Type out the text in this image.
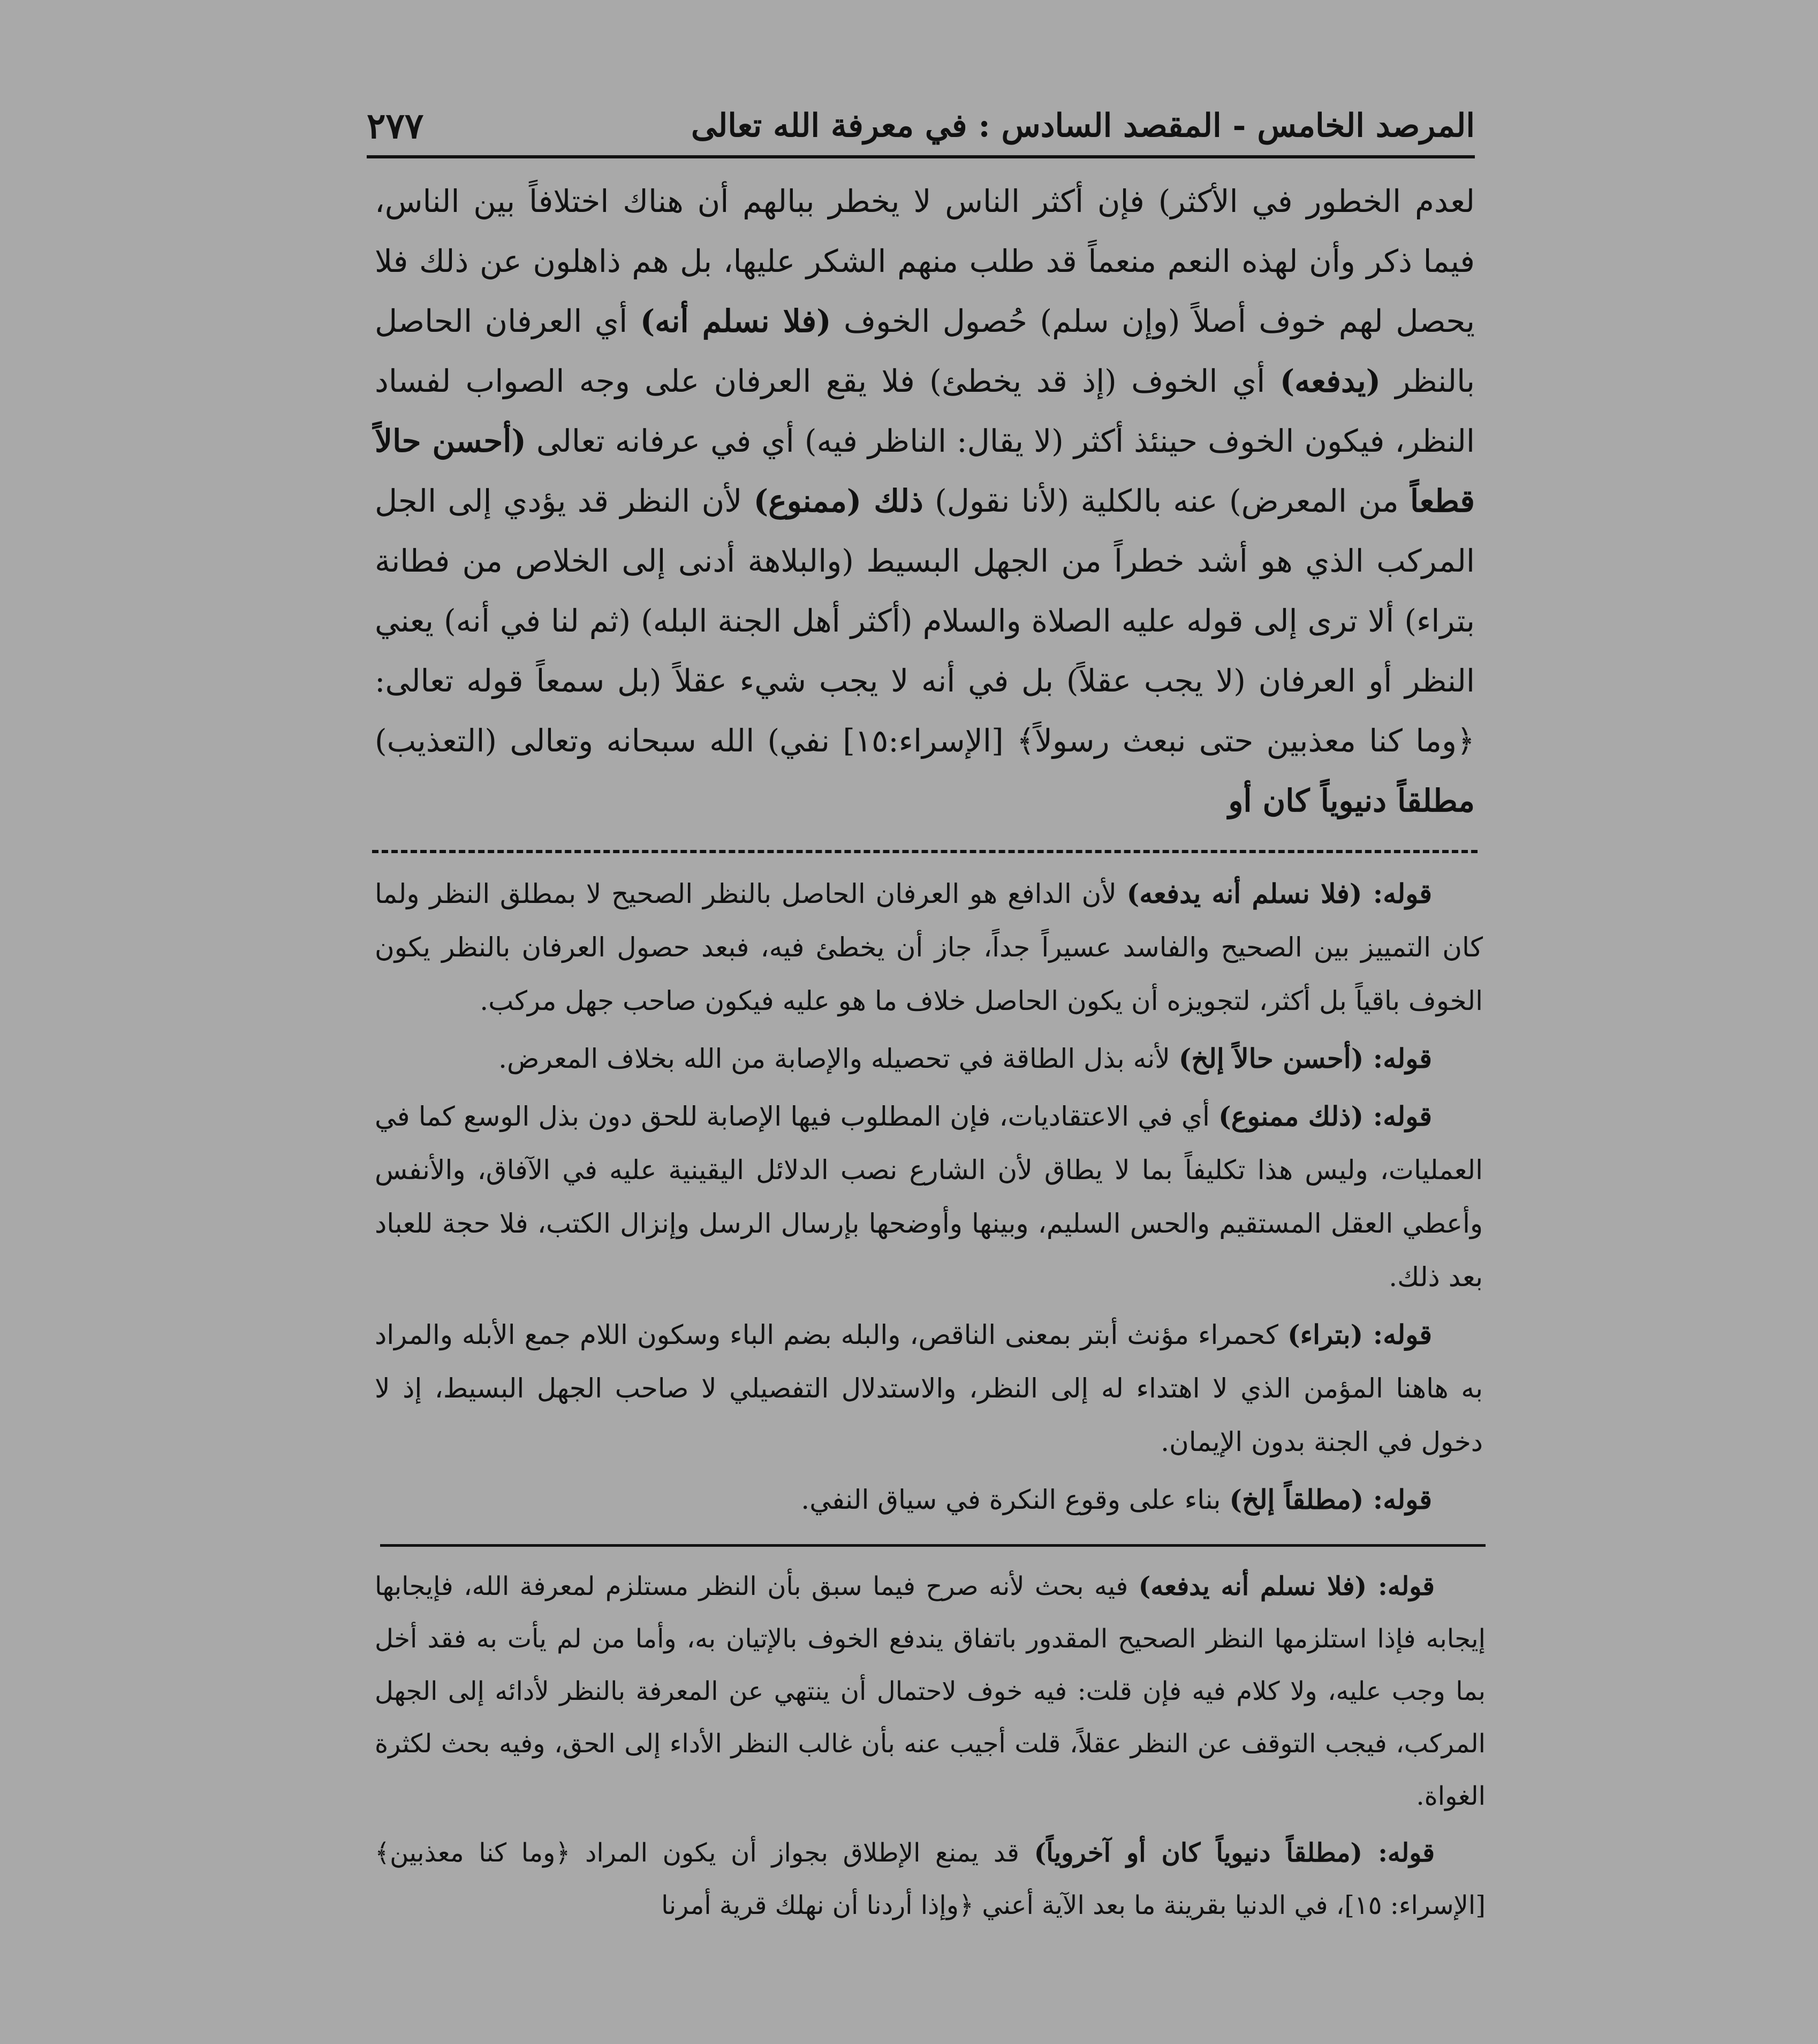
المرصد الخامس - المقصد السادس : في معرفة الله تعالى
٢٧٧

لعدم الخطور في الأكثر) فإن أكثر الناس لا يخطر ببالهم أن هناك اختلافاً بين الناس، فيما ذكر وأن لهذه النعم منعماً قد طلب منهم الشكر عليها، بل هم ذاهلون عن ذلك فلا يحصل لهم خوف أصلاً (وإن سلم) حُصول الخوف (فلا نسلم أنه) أي العرفان الحاصل بالنظر (يدفعه) أي الخوف (إذ قد يخطئ) فلا يقع العرفان على وجه الصواب لفساد النظر، فيكون الخوف حينئذ أكثر (لا يقال: الناظر فيه) أي في عرفانه تعالى (أحسن حالاً قطعاً من المعرض) عنه بالكلية (لأنا نقول) ذلك (ممنوع) لأن النظر قد يؤدي إلى الجل المركب الذي هو أشد خطراً من الجهل البسيط (والبلاهة أدنى إلى الخلاص من فطانة بتراء) ألا ترى إلى قوله عليه الصلاة والسلام (أكثر أهل الجنة البله) (ثم لنا في أنه) يعني النظر أو العرفان (لا يجب عقلاً) بل في أنه لا يجب شيء عقلاً (بل سمعاً قوله تعالى: ﴿وما كنا معذبين حتى نبعث رسولاً﴾ [الإسراء:١٥] نفي) الله سبحانه وتعالى (التعذيب) مطلقاً دنيوياً كان أو

قوله: (فلا نسلم أنه يدفعه) لأن الدافع هو العرفان الحاصل بالنظر الصحيح لا بمطلق النظر ولما كان التمييز بين الصحيح والفاسد عسيراً جداً، جاز أن يخطئ فيه، فبعد حصول العرفان بالنظر يكون الخوف باقياً بل أكثر، لتجويزه أن يكون الحاصل خلاف ما هو عليه فيكون صاحب جهل مركب.

قوله: (أحسن حالاً إلخ) لأنه بذل الطاقة في تحصيله والإصابة من الله بخلاف المعرض.

قوله: (ذلك ممنوع) أي في الاعتقاديات، فإن المطلوب فيها الإصابة للحق دون بذل الوسع كما في العمليات، وليس هذا تكليفاً بما لا يطاق لأن الشارع نصب الدلائل اليقينية عليه في الآفاق، والأنفس وأعطي العقل المستقيم والحس السليم، وبينها وأوضحها بإرسال الرسل وإنزال الكتب، فلا حجة للعباد بعد ذلك.

قوله: (بتراء) كحمراء مؤنث أبتر بمعنى الناقص، والبله بضم الباء وسكون اللام جمع الأبله والمراد به هاهنا المؤمن الذي لا اهتداء له إلى النظر، والاستدلال التفصيلي لا صاحب الجهل البسيط، إذ لا دخول في الجنة بدون الإيمان.

قوله: (مطلقاً إلخ) بناء على وقوع النكرة في سياق النفي.

قوله: (فلا نسلم أنه يدفعه) فيه بحث لأنه صرح فيما سبق بأن النظر مستلزم لمعرفة الله، فإيجابها إيجابه فإذا استلزمها النظر الصحيح المقدور باتفاق يندفع الخوف بالإتيان به، وأما من لم يأت به فقد أخل بما وجب عليه، ولا كلام فيه فإن قلت: فيه خوف لاحتمال أن ينتهي عن المعرفة بالنظر لأدائه إلى الجهل المركب، فيجب التوقف عن النظر عقلاً، قلت أجيب عنه بأن غالب النظر الأداء إلى الحق، وفيه بحث لكثرة الغواة.

قوله: (مطلقاً دنيوياً كان أو آخروياً) قد يمنع الإطلاق بجواز أن يكون المراد ﴿وما كنا معذبين﴾ [الإسراء: ١٥]، في الدنيا بقرينة ما بعد الآية أعني ﴿وإذا أردنا أن نهلك قرية أمرنا
